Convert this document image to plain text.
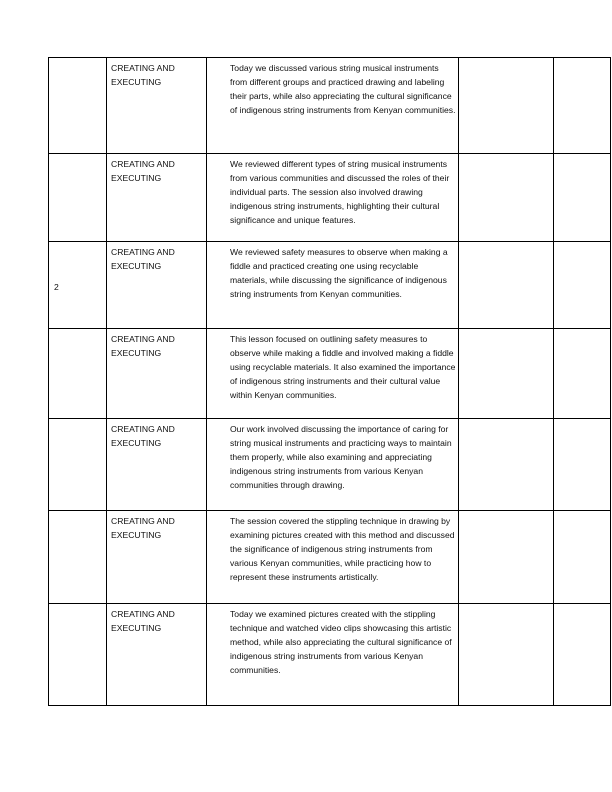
	CREATING AND EXECUTING	Today we discussed various string musical instruments from different groups and practiced drawing and labeling their parts, while also appreciating the cultural significance of indigenous string instruments from Kenyan communities.		
	CREATING AND EXECUTING	We reviewed different types of string musical instruments from various communities and discussed the roles of their individual parts. The session also involved drawing indigenous string instruments, highlighting their cultural significance and unique features.		
2	CREATING AND EXECUTING	We reviewed safety measures to observe when making a fiddle and practiced creating one using recyclable materials, while discussing the significance of indigenous string instruments from Kenyan communities.		
	CREATING AND EXECUTING	This lesson focused on outlining safety measures to observe while making a fiddle and involved making a fiddle using recyclable materials. It also examined the importance of indigenous string instruments and their cultural value within Kenyan communities.		
	CREATING AND EXECUTING	Our work involved discussing the importance of caring for string musical instruments and practicing ways to maintain them properly, while also examining and appreciating indigenous string instruments from various Kenyan communities through drawing.		
	CREATING AND EXECUTING	The session covered the stippling technique in drawing by examining pictures created with this method and discussed the significance of indigenous string instruments from various Kenyan communities, while practicing how to represent these instruments artistically.		
	CREATING AND EXECUTING	Today we examined pictures created with the stippling technique and watched video clips showcasing this artistic method, while also appreciating the cultural significance of indigenous string instruments from various Kenyan communities.		
